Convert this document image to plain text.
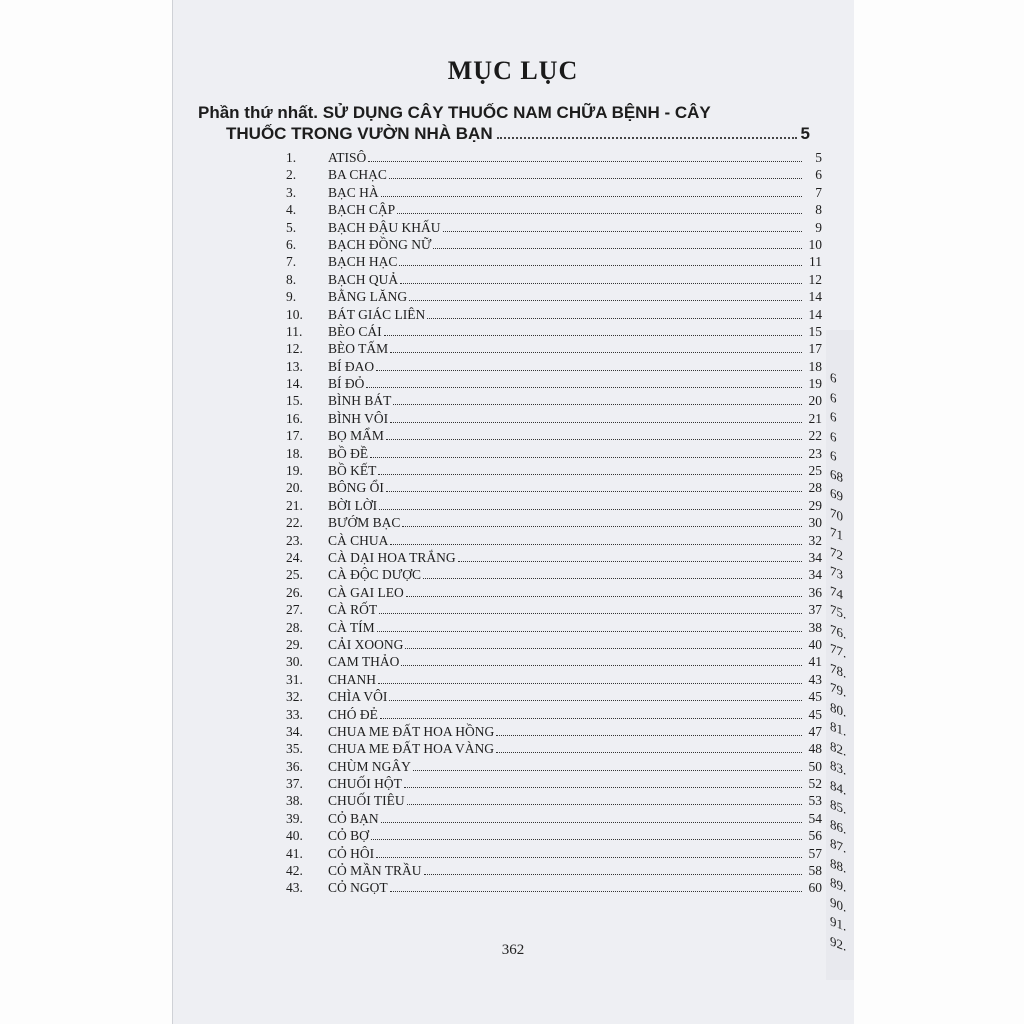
6
6
6
6
6
68
69
70
71
72
73
74
75.
76.
77.
78.
79.
80.
81.
82.
83.
84.
85.
86.
87.
88.
89.
90.
91.
92.
MỤC LỤC
Phần thứ nhất. SỬ DỤNG CÂY THUỐC NAM CHỮA BỆNH - CÂY
THUỐC TRONG VƯỜN NHÀ BẠN	5
1.	ATISÔ	5
2.	BA CHẠC	6
3.	BẠC HÀ	7
4.	BẠCH CẬP	8
5.	BẠCH ĐẬU KHẤU	9
6.	BẠCH ĐỒNG NỮ	10
7.	BẠCH HẠC	11
8.	BẠCH QUẢ	12
9.	BẰNG LĂNG	14
10.	BÁT GIÁC LIÊN	14
11.	BÈO CÁI	15
12.	BÈO TẤM	17
13.	BÍ ĐAO	18
14.	BÍ ĐỎ	19
15.	BÌNH BÁT	20
16.	BÌNH VÔI	21
17.	BỌ MẨM	22
18.	BỒ ĐỀ	23
19.	BỒ KẾT	25
20.	BÔNG ỔI	28
21.	BỜI LỜI	29
22.	BƯỚM BẠC	30
23.	CÀ CHUA	32
24.	CÀ DẠI HOA TRẮNG	34
25.	CÀ ĐỘC DƯỢC	34
26.	CÀ GAI LEO	36
27.	CÀ RỐT	37
28.	CÀ TÍM	38
29.	CẢI XOONG	40
30.	CAM THẢO	41
31.	CHANH	43
32.	CHÌA VÔI	45
33.	CHÓ ĐẺ	45
34.	CHUA ME ĐẤT HOA HỒNG	47
35.	CHUA ME ĐẤT HOA VÀNG	48
36.	CHÙM NGÂY	50
37.	CHUỐI HỘT	52
38.	CHUỐI TIÊU	53
39.	CỎ BẠN	54
40.	CỎ BỢ	56
41.	CỎ HÔI	57
42.	CỎ MẦN TRẦU	58
43.	CỎ NGỌT	60
362
